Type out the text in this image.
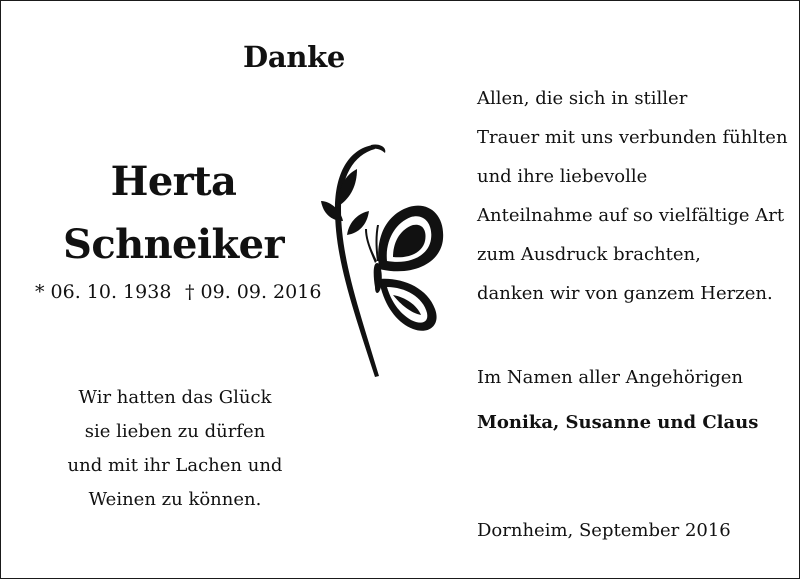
Danke
Herta
Schneiker
* 06. 10. 1938 † 09. 09. 2016
Wir hatten das Glück
sie lieben zu dürfen
und mit ihr Lachen und
Weinen zu können.
Allen, die sich in stiller
Trauer mit uns verbunden fühlten
und ihre liebevolle
Anteilnahme auf so vielfältige Art
zum Ausdruck brachten,
danken wir von ganzem Herzen.
Im Namen aller Angehörigen
Monika, Susanne und Claus
Dornheim, September 2016
